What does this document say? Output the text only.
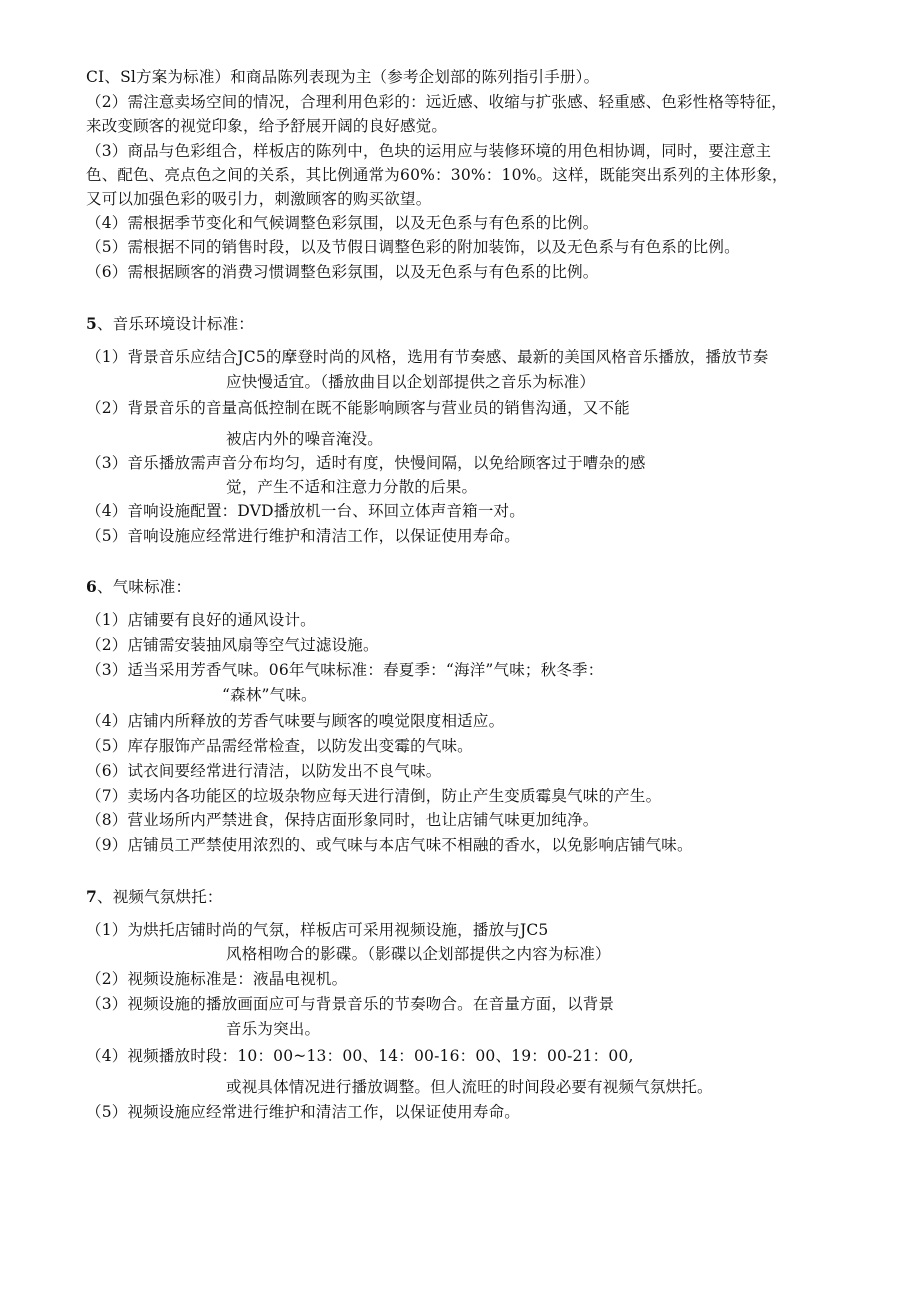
CI、Sl方案为标准）和商品陈列表现为主（参考企划部的陈列指引手册）。
（2）需注意卖场空间的情况，合理利用色彩的：远近感、收缩与扩张感、轻重感、色彩性格等特征，
来改变顾客的视觉印象，给予舒展开阔的良好感觉。
（3）商品与色彩组合，样板店的陈列中，色块的运用应与装修环境的用色相协调，同时，要注意主
色、配色、亮点色之间的关系，其比例通常为60%：30%：10%。这样，既能突出系列的主体形象，
又可以加强色彩的吸引力，刺激顾客的购买欲望。
（4）需根据季节变化和气候调整色彩氛围，以及无色系与有色系的比例。
（5）需根据不同的销售时段，以及节假日调整色彩的附加装饰，以及无色系与有色系的比例。
（6）需根据顾客的消费习惯调整色彩氛围，以及无色系与有色系的比例。
5、音乐环境设计标准：
（1）背景音乐应结合JC5的摩登时尚的风格，选用有节奏感、最新的美国风格音乐播放，播放节奏
应快慢适宜。（播放曲目以企划部提供之音乐为标准）
（2）背景音乐的音量高低控制在既不能影响顾客与营业员的销售沟通，又不能
被店内外的噪音淹没。
（3）音乐播放需声音分布均匀，适时有度，快慢间隔，以免给顾客过于嘈杂的感
觉，产生不适和注意力分散的后果。
（4）音响设施配置：DVD播放机一台、环回立体声音箱一对。
（5）音响设施应经常进行维护和清洁工作，以保证使用寿命。
6、气味标准：
（1）店铺要有良好的通风设计。
（2）店铺需安装抽风扇等空气过滤设施。
（3）适当采用芳香气味。06年气味标准：春夏季：“海洋”气味；秋冬季：
“森林”气味。
（4）店铺内所释放的芳香气味要与顾客的嗅觉限度相适应。
（5）库存服饰产品需经常检查，以防发出变霉的气味。
（6）试衣间要经常进行清洁，以防发出不良气味。
（7）卖场内各功能区的垃圾杂物应每天进行清倒，防止产生变质霉臭气味的产生。
（8）营业场所内严禁进食，保持店面形象同时，也让店铺气味更加纯净。
（9）店铺员工严禁使用浓烈的、或气味与本店气味不相融的香水，以免影响店铺气味。
7、视频气氛烘托：
（1）为烘托店铺时尚的气氛，样板店可采用视频设施，播放与JC5
风格相吻合的影碟。（影碟以企划部提供之内容为标准）
（2）视频设施标准是：液晶电视机。
（3）视频设施的播放画面应可与背景音乐的节奏吻合。在音量方面，以背景
音乐为突出。
（4）视频播放时段：10：00~13：00、14：00-16：00、19：00-21：00,
或视具体情况进行播放调整。但人流旺的时间段必要有视频气氛烘托。
（5）视频设施应经常进行维护和清洁工作，以保证使用寿命。
